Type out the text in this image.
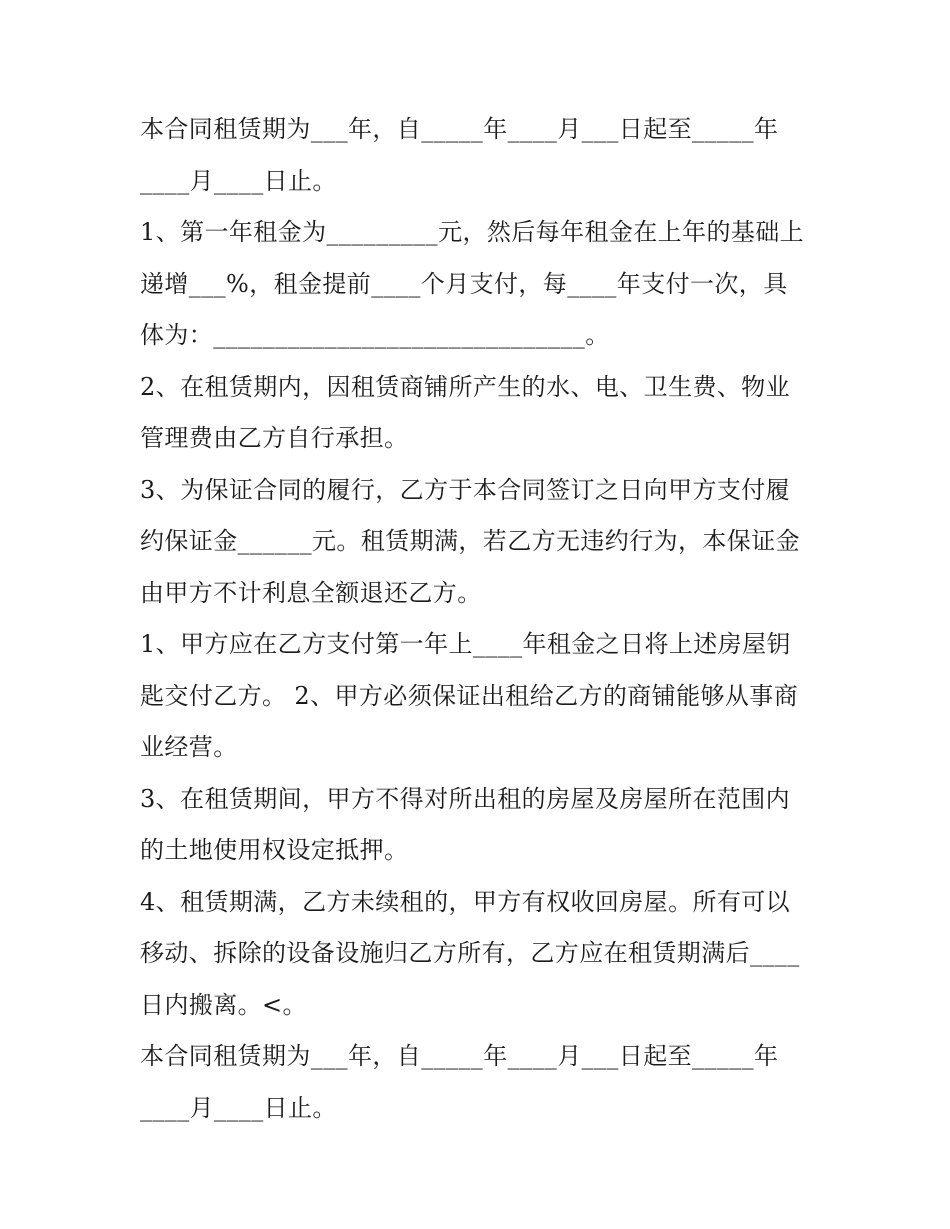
本合同租赁期为___年，自_____年____月___日起至_____年
____月____日止。
1、第一年租金为_________元，然后每年租金在上年的基础上
递增___%，租金提前____个月支付，每____年支付一次，具
体为：______________________________。
2、在租赁期内，因租赁商铺所产生的水、电、卫生费、物业
管理费由乙方自行承担。
3、为保证合同的履行，乙方于本合同签订之日向甲方支付履
约保证金______元。租赁期满，若乙方无违约行为，本保证金
由甲方不计利息全额退还乙方。
1、甲方应在乙方支付第一年上____年租金之日将上述房屋钥
匙交付乙方。 2、甲方必须保证出租给乙方的商铺能够从事商
业经营。
3、在租赁期间，甲方不得对所出租的房屋及房屋所在范围内
的土地使用权设定抵押。
4、租赁期满，乙方未续租的，甲方有权收回房屋。所有可以
移动、拆除的设备设施归乙方所有，乙方应在租赁期满后____
日内搬离。<。
本合同租赁期为___年，自_____年____月___日起至_____年
____月____日止。
